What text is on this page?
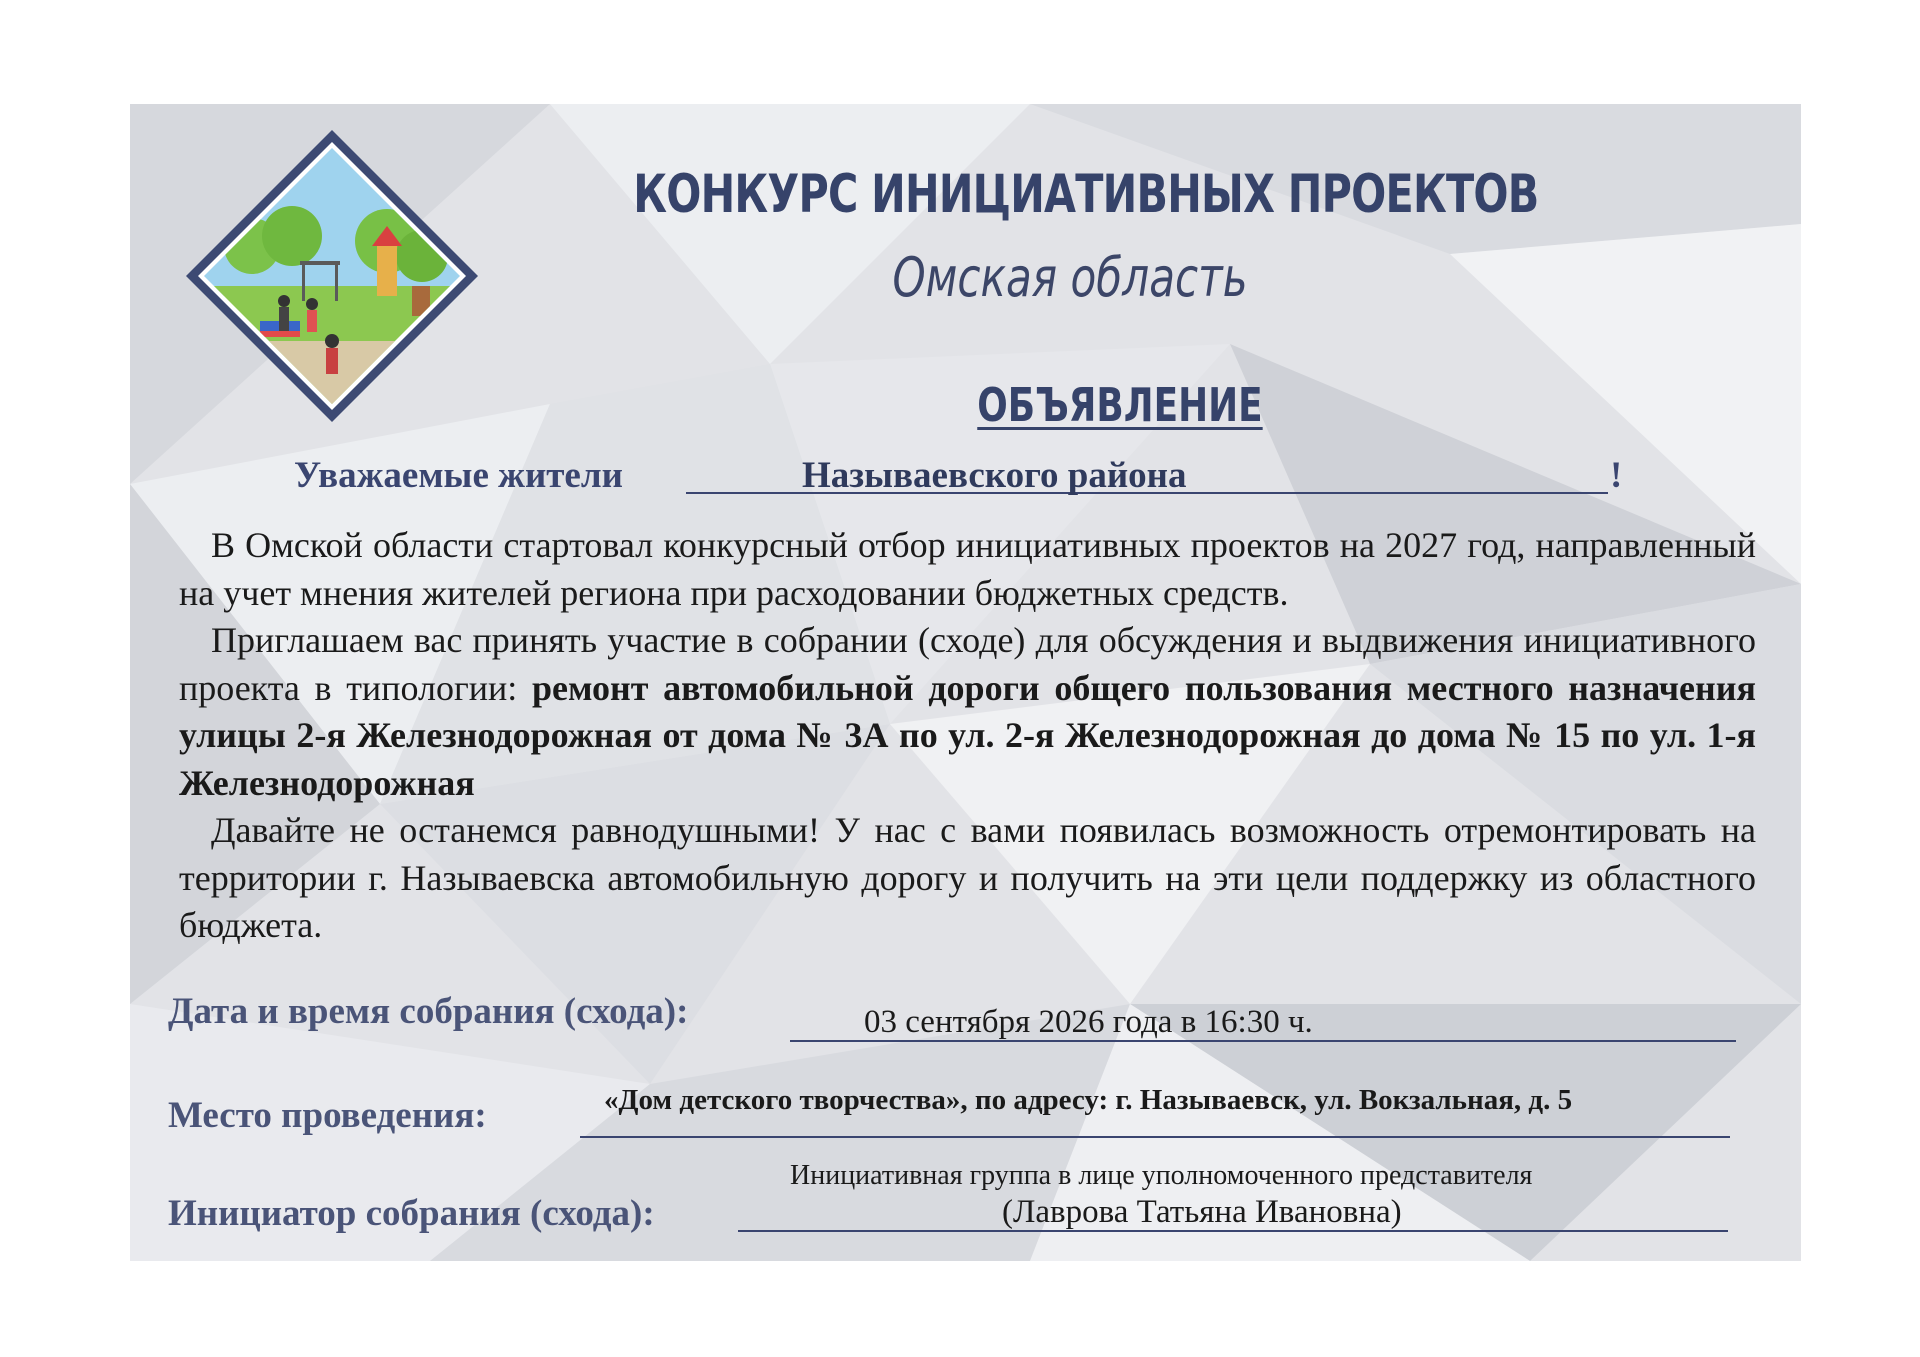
КОНКУРС ИНИЦИАТИВНЫХ ПРОЕКТОВ
Омская область
ОБЪЯВЛЕНИЕ
Уважаемые жители	Называевского района	!

В Омской области стартовал конкурсный отбор инициативных проектов на 2027 год, направленный на учет мнения жителей региона при расходовании бюджетных средств.

Приглашаем вас принять участие в собрании (сходе) для обсуждения и выдвижения инициативного проекта в типологии: ремонт автомобильной дороги общего пользования местного назначения улицы 2-я Железнодорожная от дома № 3А по ул. 2-я Железнодорожная до дома № 15 по ул. 1-я Железнодорожная

Давайте не останемся равнодушными! У нас с вами появилась возможность отремонтировать на территории г. Называевска автомобильную дорогу и получить на эти цели поддержку из областного бюджета.

Дата и время собрания (схода):	03 сентября 2026 года в 16:30 ч.
Место проведения:	«Дом детского творчества», по адресу: г. Называевск, ул. Вокзальная, д. 5
Инициативная группа в лице уполномоченного представителя
Инициатор собрания (схода):	(Лаврова Татьяна Ивановна)
